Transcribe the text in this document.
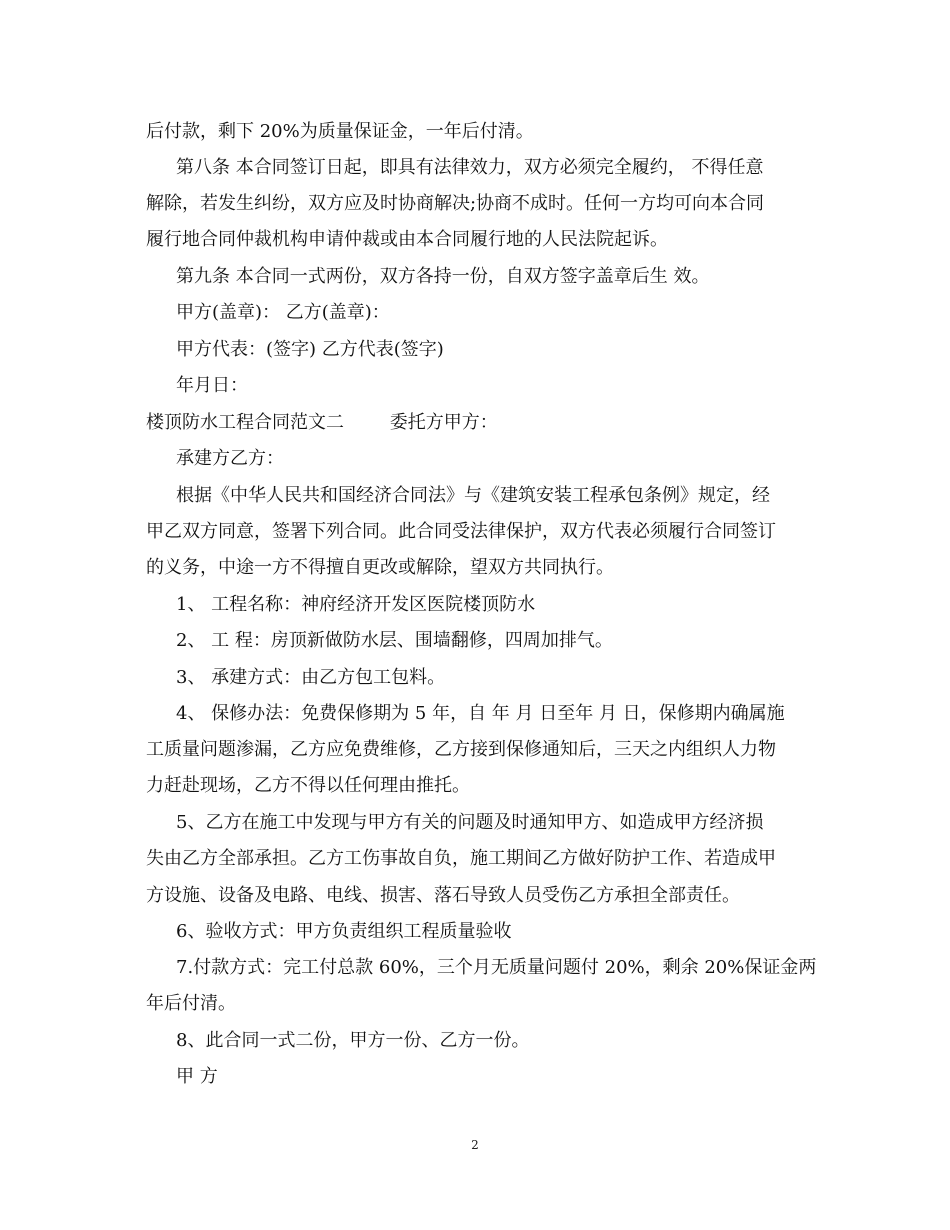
后付款，剩下 20%为质量保证金，一年后付清。
第八条 本合同签订日起，即具有法律效力，双方必须完全履约， 不得任意
解除，若发生纠纷，双方应及时协商解决;协商不成时。任何一方均可向本合同
履行地合同仲裁机构申请仲裁或由本合同履行地的人民法院起诉。
第九条 本合同一式两份，双方各持一份，自双方签字盖章后生 效。
甲方(盖章)： 乙方(盖章)：
甲方代表：(签字) 乙方代表(签字)
年月日：
楼顶防水工程合同范文二        委托方甲方：
承建方乙方：
根据《中华人民共和国经济合同法》与《建筑安装工程承包条例》规定，经
甲乙双方同意，签署下列合同。此合同受法律保护，双方代表必须履行合同签订
的义务，中途一方不得擅自更改或解除，望双方共同执行。
1、 工程名称：神府经济开发区医院楼顶防水
2、 工 程：房顶新做防水层、围墙翻修，四周加排气。
3、 承建方式：由乙方包工包料。
4、 保修办法：免费保修期为 5 年，自 年 月 日至年 月 日，保修期内确属施
工质量问题渗漏，乙方应免费维修，乙方接到保修通知后，三天之内组织人力物
力赶赴现场，乙方不得以任何理由推托。
5、乙方在施工中发现与甲方有关的问题及时通知甲方、如造成甲方经济损
失由乙方全部承担。乙方工伤事故自负，施工期间乙方做好防护工作、若造成甲
方设施、设备及电路、电线、损害、落石导致人员受伤乙方承担全部责任。
6、验收方式：甲方负责组织工程质量验收
7.付款方式：完工付总款 60%，三个月无质量问题付 20%，剩余 20%保证金两
年后付清。
8、此合同一式二份，甲方一份、乙方一份。
甲 方
2
